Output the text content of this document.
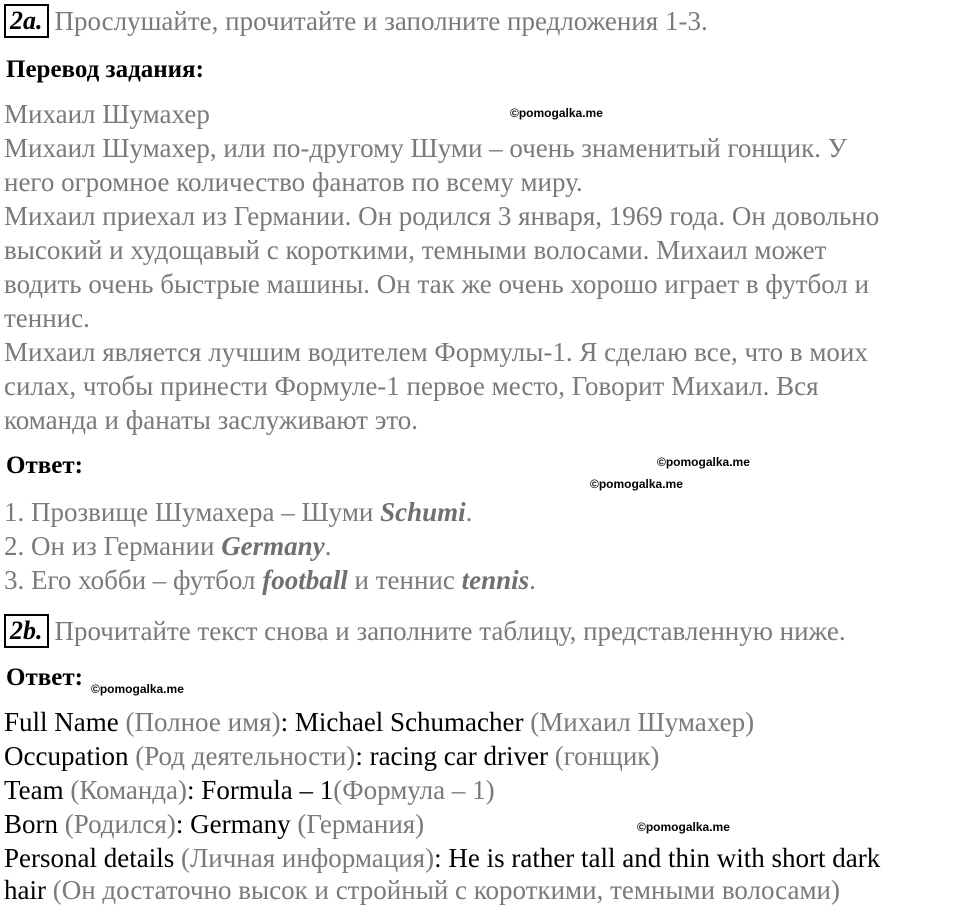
2a. Прослушайте, прочитайте и заполните предложения 1-3.
Перевод задания:
Михаил Шумахер
Михаил Шумахер, или по-другому Шуми – очень знаменитый гонщик. У
него огромное количество фанатов по всему миру.
Михаил приехал из Германии. Он родился 3 января, 1969 года. Он довольно
высокий и худощавый с короткими, темными волосами. Михаил может
водить очень быстрые машины. Он так же очень хорошо играет в футбол и
теннис.
Михаил является лучшим водителем Формулы-1. Я сделаю все, что в моих
силах, чтобы принести Формуле-1 первое место, Говорит Михаил. Вся
команда и фанаты заслуживают это.
Ответ:
1. Прозвище Шумахера – Шуми Schumi.
2. Он из Германии Germany.
3. Его хобби – футбол football и теннис tennis.
2b. Прочитайте текст снова и заполните таблицу, представленную ниже.
Ответ:
Full Name (Полное имя): Michael Schumacher (Михаил Шумахер)
Occupation (Род деятельности): racing car driver (гонщик)
Team (Команда): Formula – 1(Формула – 1)
Born (Родился): Germany (Германия)
Personal details (Личная информация): He is rather tall and thin with short dark
hair (Он достаточно высок и стройный с короткими, темными волосами)
©pomogalka.me
©pomogalka.me
©pomogalka.me
©pomogalka.me
©pomogalka.me
